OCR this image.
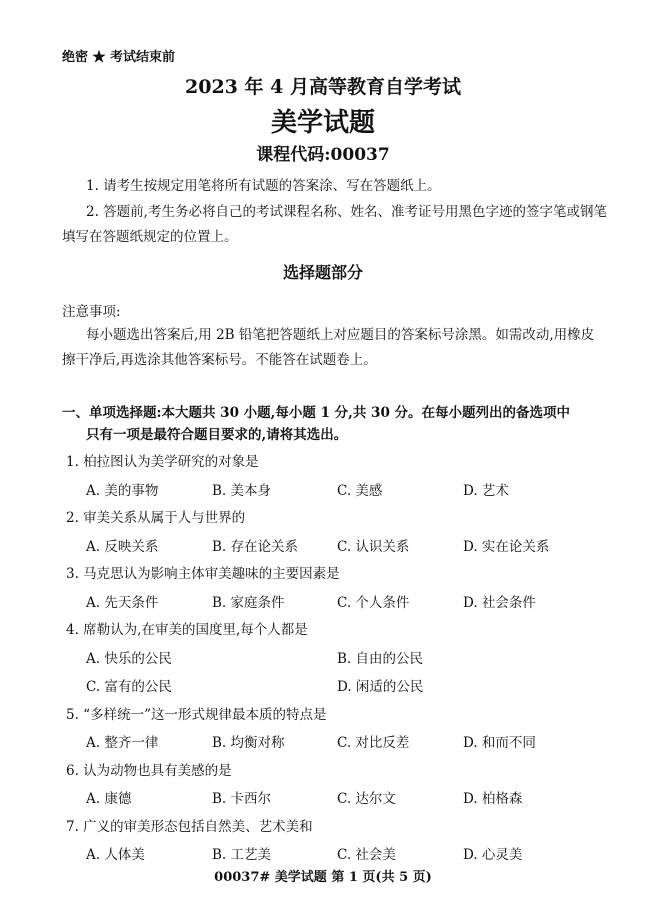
绝密 ★ 考试结束前
2023 年 4 月高等教育自学考试
美学试题
课程代码:00037
1. 请考生按规定用笔将所有试题的答案涂、写在答题纸上。
2. 答题前,考生务必将自己的考试课程名称、姓名、准考证号用黑色字迹的签字笔或钢笔
填写在答题纸规定的位置上。
选择题部分
注意事项:
每小题选出答案后,用 2B 铅笔把答题纸上对应题目的答案标号涂黑。如需改动,用橡皮
擦干净后,再选涂其他答案标号。不能答在试题卷上。
一、单项选择题:本大题共 30 小题,每小题 1 分,共 30 分。在每小题列出的备选项中
只有一项是最符合题目要求的,请将其选出。
1. 柏拉图认为美学研究的对象是
A. 美的事物	B. 美本身	C. 美感	D. 艺术
2. 审美关系从属于人与世界的
A. 反映关系	B. 存在论关系	C. 认识关系	D. 实在论关系
3. 马克思认为影响主体审美趣味的主要因素是
A. 先天条件	B. 家庭条件	C. 个人条件	D. 社会条件
4. 席勒认为,在审美的国度里,每个人都是
A. 快乐的公民	B. 自由的公民
C. 富有的公民	D. 闲适的公民
5. “多样统一”这一形式规律最本质的特点是
A. 整齐一律	B. 均衡对称	C. 对比反差	D. 和而不同
6. 认为动物也具有美感的是
A. 康德	B. 卡西尔	C. 达尔文	D. 柏格森
7. 广义的审美形态包括自然美、艺术美和
A. 人体美	B. 工艺美	C. 社会美	D. 心灵美
00037# 美学试题 第 1 页(共 5 页)
